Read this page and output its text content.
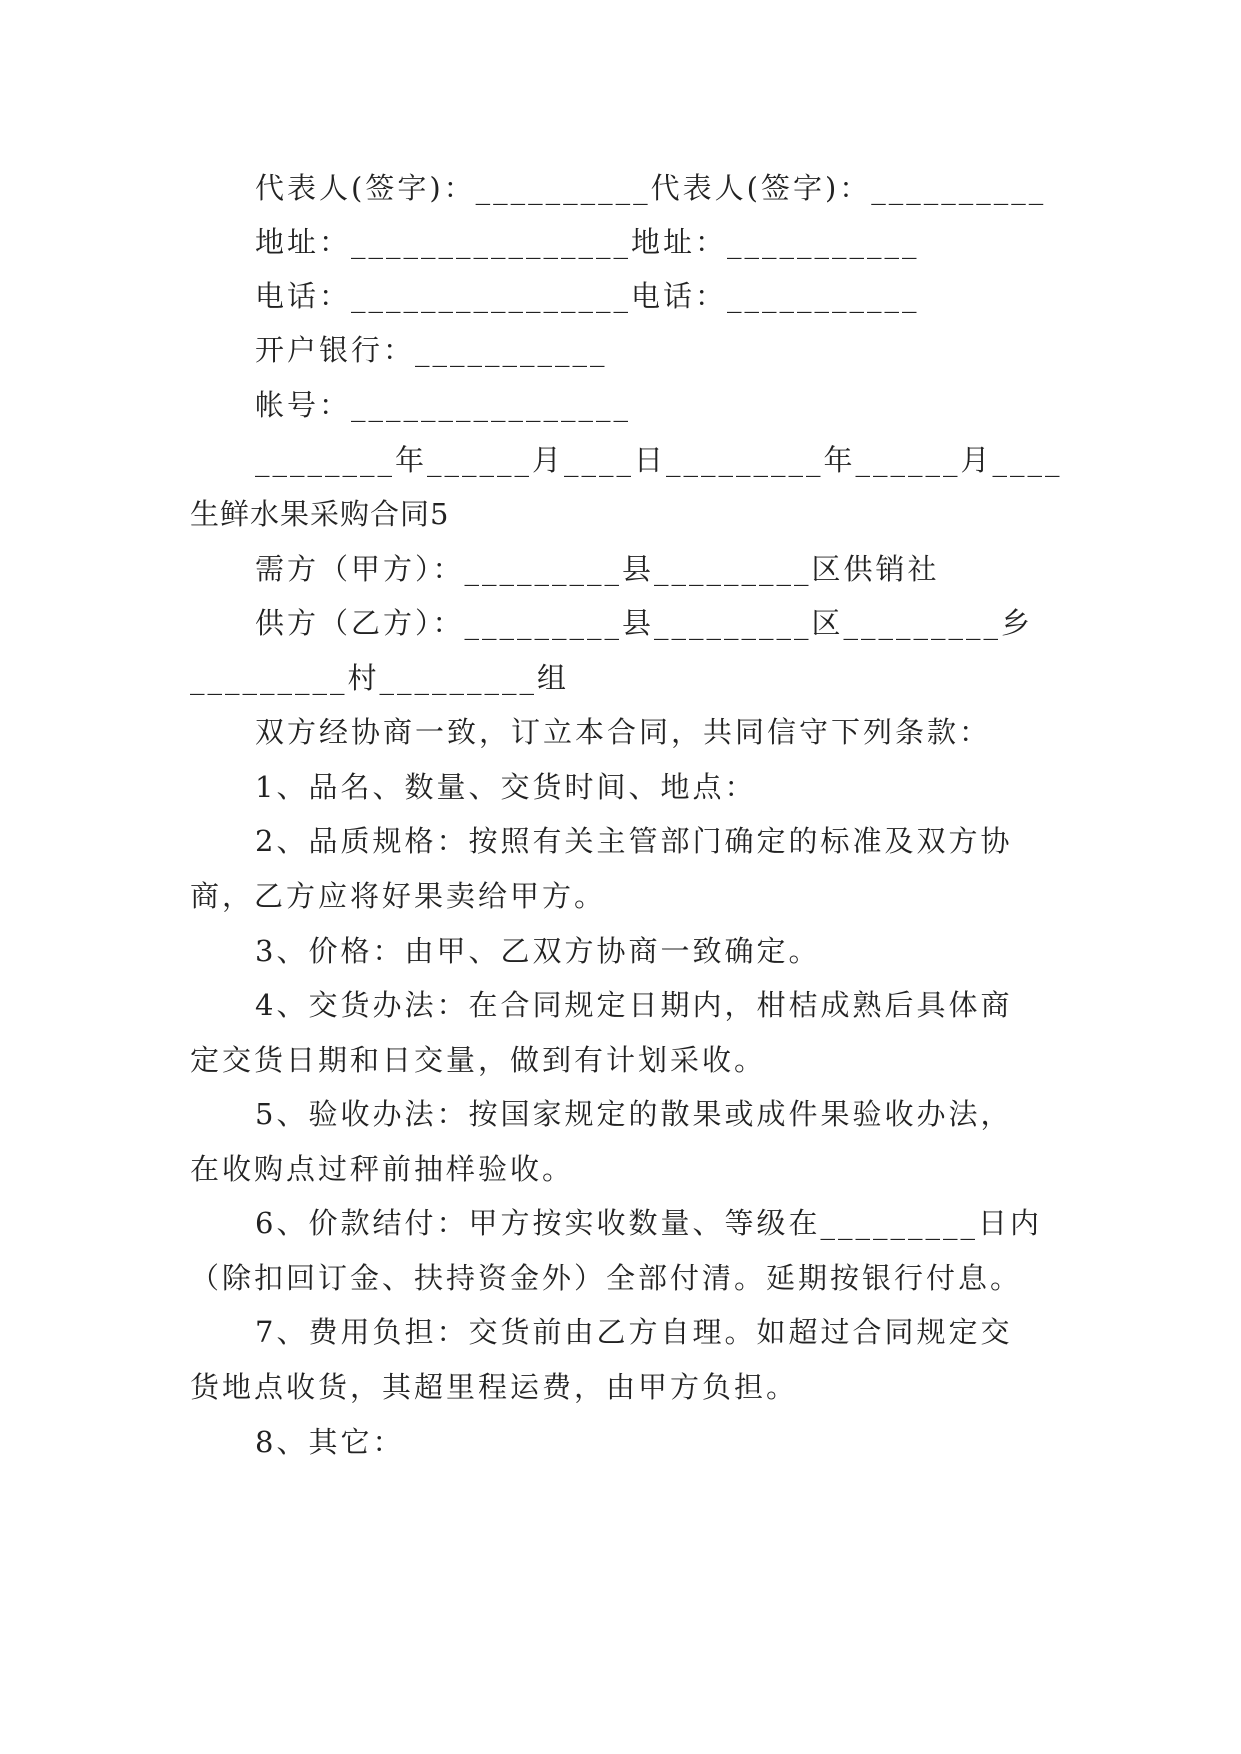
代表人(签字)：__________代表人(签字)：__________
地址：________________地址：___________
电话：________________电话：___________
开户银行：___________
帐号：________________
________年______月____日_________年______月____
生鲜水果采购合同5
需方（甲方）：_________县_________区供销社
供方（乙方）：_________县_________区_________乡
_________村_________组
双方经协商一致，订立本合同，共同信守下列条款：
1、品名、数量、交货时间、地点：
2、品质规格：按照有关主管部门确定的标准及双方协
商，乙方应将好果卖给甲方。
3、价格：由甲、乙双方协商一致确定。
4、交货办法：在合同规定日期内，柑桔成熟后具体商
定交货日期和日交量，做到有计划采收。
5、验收办法：按国家规定的散果或成件果验收办法，
在收购点过秤前抽样验收。
6、价款结付：甲方按实收数量、等级在_________日内
（除扣回订金、扶持资金外）全部付清。延期按银行付息。
7、费用负担：交货前由乙方自理。如超过合同规定交
货地点收货，其超里程运费，由甲方负担。
8、其它：
